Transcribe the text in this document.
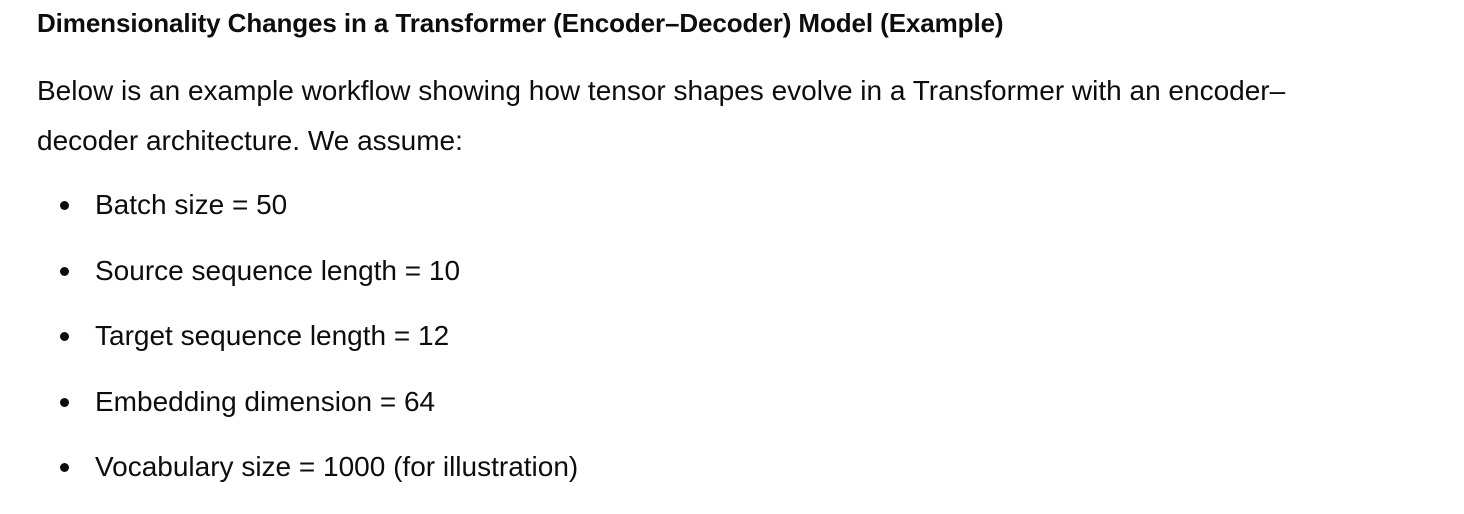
Dimensionality Changes in a Transformer (Encoder–Decoder) Model (Example)

Below is an example workflow showing how tensor shapes evolve in a Transformer with an encoder–decoder architecture. We assume:

Batch size = 50
Source sequence length = 10
Target sequence length = 12
Embedding dimension = 64
Vocabulary size = 1000 (for illustration)
